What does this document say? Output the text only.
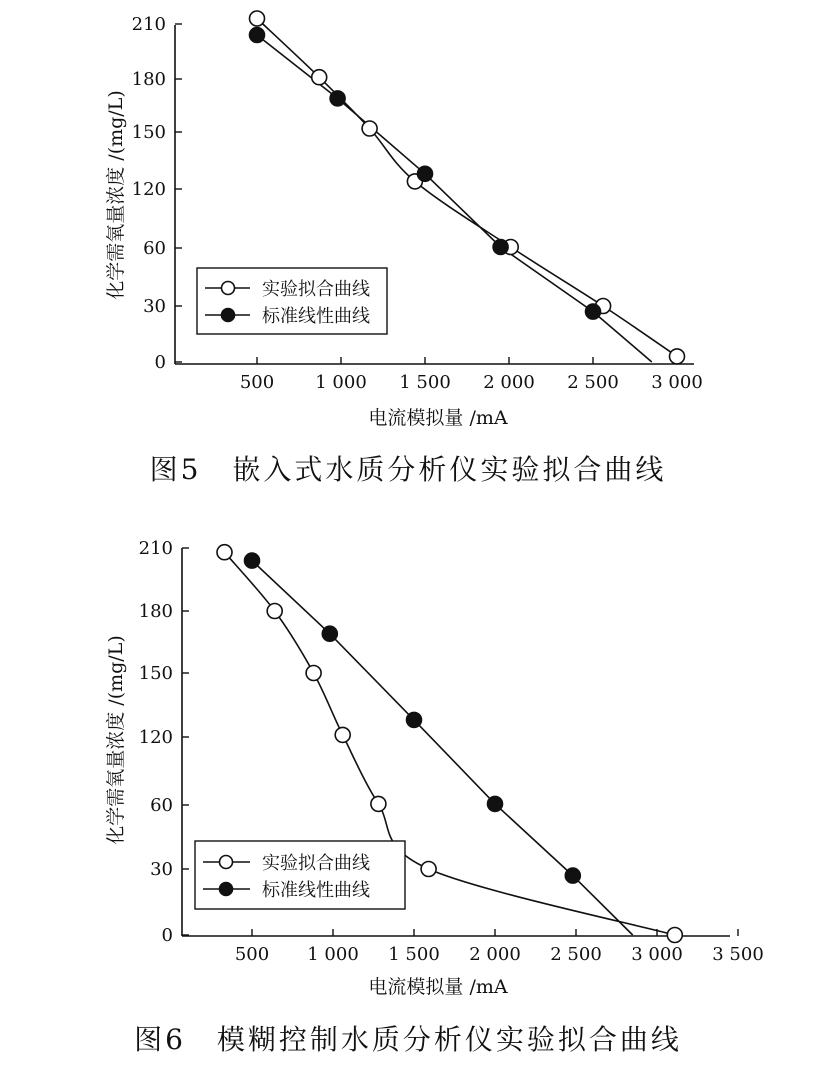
500 1 000 1 500 2 000 2 500 3 000
0
30
60
120
150
180
210
电流模拟量 /mA
化学需氧量浓度 /(mg/L)	实验拟合曲线
标准线性曲线
图5　嵌入式水质分析仪实验拟合曲线
500 1 000 1 500 2 000 2 500 3 000 3 500
0
30
60
120
150
180
210
电流模拟量 /mA
化学需氧量浓度 /(mg/L)
实验拟合曲线
标准线性曲线
图6　模糊控制水质分析仪实验拟合曲线
